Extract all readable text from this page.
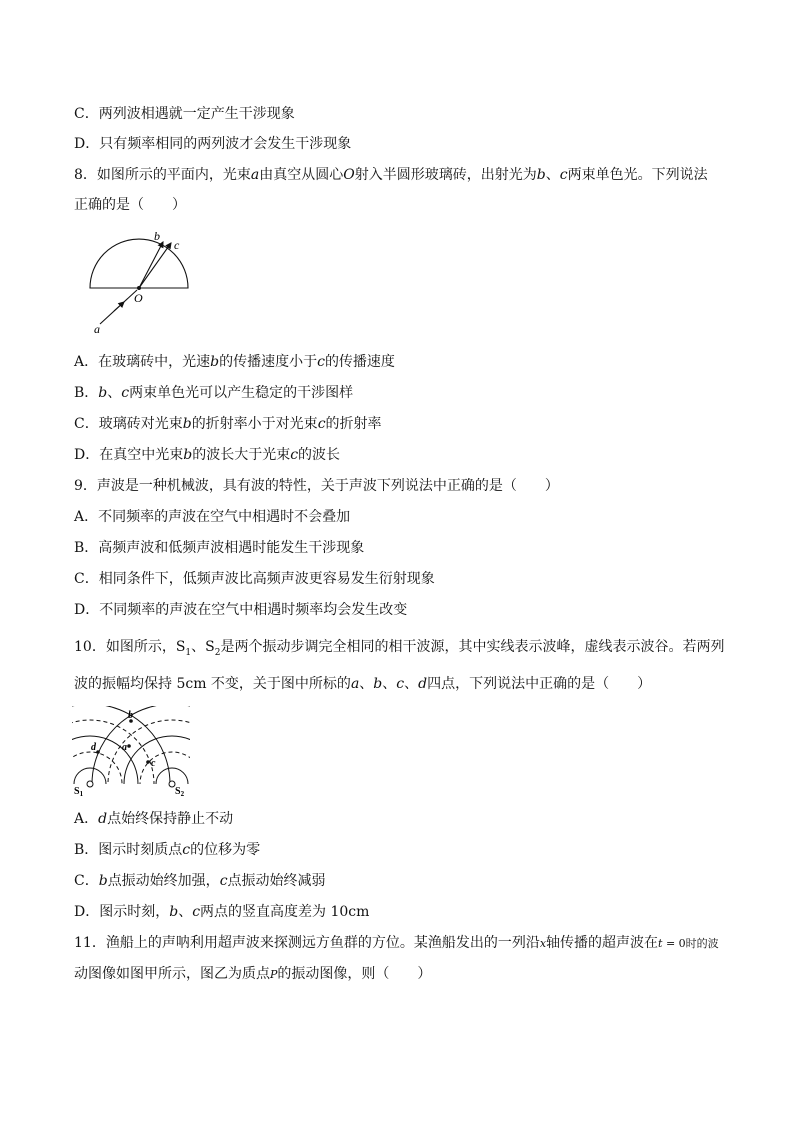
C．两列波相遇就一定产生干涉现象
D．只有频率相同的两列波才会发生干涉现象
8．如图所示的平面内，光束a由真空从圆心O射入半圆形玻璃砖，出射光为b、c两束单色光。下列说法
正确的是（　　）
b
c
O
a
A．在玻璃砖中，光速b的传播速度小于c的传播速度
B．b、c两束单色光可以产生稳定的干涉图样
C．玻璃砖对光束b的折射率小于对光束c的折射率
D．在真空中光束b的波长大于光束c的波长
9．声波是一种机械波，具有波的特性，关于声波下列说法中正确的是（　　）
A．不同频率的声波在空气中相遇时不会叠加
B．高频声波和低频声波相遇时能发生干涉现象
C．相同条件下，低频声波比高频声波更容易发生衍射现象
D．不同频率的声波在空气中相遇时频率均会发生改变
10．如图所示，$S_1$、$S_2$是两个振动步调完全相同的相干波源，其中实线表示波峰，虚线表示波谷。若两列
波的振幅均保持 5cm 不变，关于图中所标的a、b、c、d四点，下列说法中正确的是（　　）
b
a
c
d
$S_1$	$S_2$
A．d点始终保持静止不动
B．图示时刻质点c的位移为零
C．b点振动始终加强，c点振动始终减弱
D．图示时刻，b、c两点的竖直高度差为 10cm
11．渔船上的声呐利用超声波来探测远方鱼群的方位。某渔船发出的一列沿x轴传播的超声波在t = 0时的波
动图像如图甲所示，图乙为质点P的振动图像，则（　　）
